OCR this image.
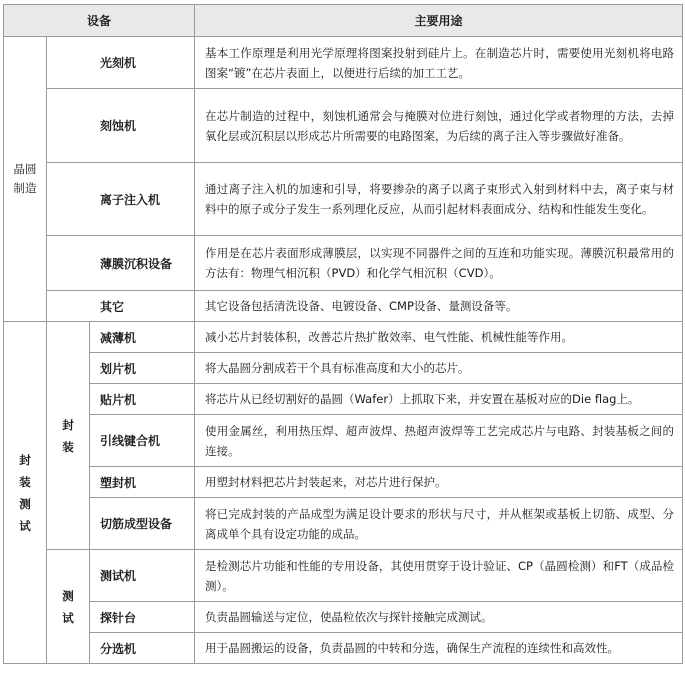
设备			主要用途
晶圆制造	光刻机		基本工作原理是利用光学原理将图案投射到硅片上。在制造芯片时，需要使用光刻机将电路图案“镀”在芯片表面上，以便进行后续的加工工艺。
	刻蚀机		在芯片制造的过程中，刻蚀机通常会与掩膜对位进行刻蚀，通过化学或者物理的方法，去掉氧化层或沉积层以形成芯片所需要的电路图案，为后续的离子注入等步骤做好准备。
	离子注入机		通过离子注入机的加速和引导，将要掺杂的离子以离子束形式入射到材料中去，离子束与材料中的原子或分子发生一系列理化反应，从而引起材料表面成分、结构和性能发生变化。
	薄膜沉积设备		作用是在芯片表面形成薄膜层，以实现不同器件之间的互连和功能实现。薄膜沉积最常用的方法有：物理气相沉积（PVD）和化学气相沉积（CVD）。
	其它		其它设备包括清洗设备、电镀设备、CMP设备、量测设备等。
封装测试	封装	减薄机	减小芯片封装体积，改善芯片热扩散效率、电气性能、机械性能等作用。
		划片机	将大晶圆分割成若干个具有标准高度和大小的芯片。
		贴片机	将芯片从已经切割好的晶圆（Wafer）上抓取下来，并安置在基板对应的Die flag上。
		引线键合机	使用金属丝，利用热压焊、超声波焊、热超声波焊等工艺完成芯片与电路、封装基板之间的连接。
		塑封机	用塑封材料把芯片封装起来，对芯片进行保护。
		切筋成型设备	将已完成封装的产品成型为满足设计要求的形状与尺寸，并从框架或基板上切筋、成型、分离成单个具有设定功能的成品。
	测试	测试机	是检测芯片功能和性能的专用设备，其使用贯穿于设计验证、CP（晶圆检测）和FT（成品检测）。
		探针台	负责晶圆输送与定位，使晶粒依次与探针接触完成测试。
		分选机	用于晶圆搬运的设备，负责晶圆的中转和分选，确保生产流程的连续性和高效性。
